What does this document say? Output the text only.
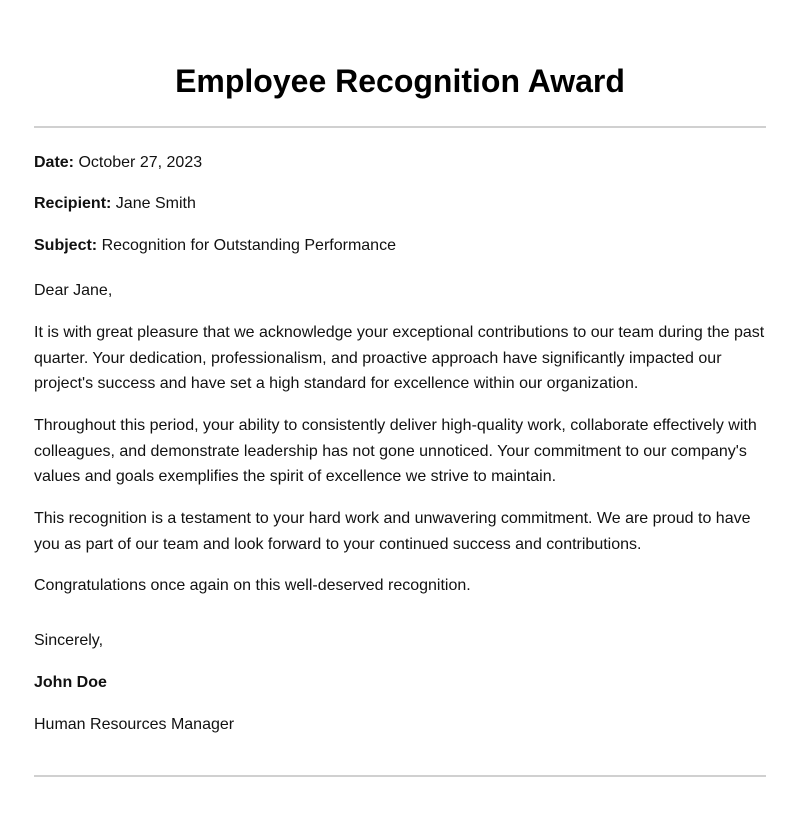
Employee Recognition Award

Date: October 27, 2023

Recipient: Jane Smith

Subject: Recognition for Outstanding Performance

Dear Jane,

It is with great pleasure that we acknowledge your exceptional contributions to our team during the past quarter. Your dedication, professionalism, and proactive approach have significantly impacted our project's success and have set a high standard for excellence within our organization.

Throughout this period, your ability to consistently deliver high-quality work, collaborate effectively with colleagues, and demonstrate leadership has not gone unnoticed. Your commitment to our company's values and goals exemplifies the spirit of excellence we strive to maintain.

This recognition is a testament to your hard work and unwavering commitment. We are proud to have you as part of our team and look forward to your continued success and contributions.

Congratulations once again on this well-deserved recognition.

Sincerely,

John Doe

Human Resources Manager
